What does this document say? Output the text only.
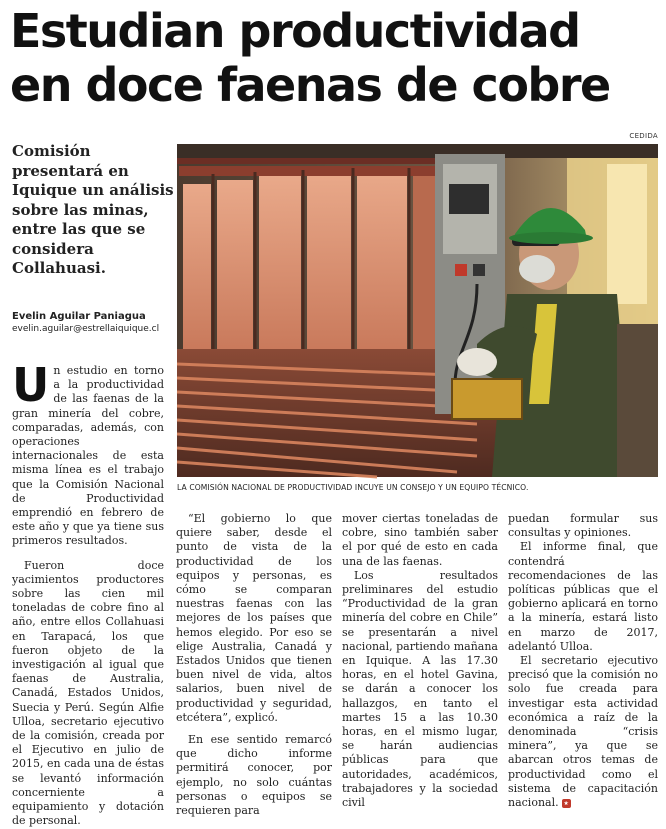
Estudian productividad
en doce faenas de cobre
CEDIDA
Comisión presentará en Iquique un análisis sobre las minas, entre las que se considera Collahuasi.
Evelin Aguilar Paniagua
evelin.aguilar@estrellaiquique.cl
LA COMISIÓN NACIONAL DE PRODUCTIVIDAD INCUYE UN CONSEJO Y UN EQUIPO TÉCNICO.

Un estudio en torno a la productividad de las faenas de la gran minería del cobre, comparadas, además, con operaciones internacionales de esta misma línea es el trabajo que la Comisión Nacional de Productividad emprendió en febrero de este año y que ya tiene sus primeros resultados.

Fueron doce yacimientos productores sobre las cien mil toneladas de cobre fino al año, entre ellos Collahuasi en Tarapacá, los que fueron objeto de la investigación al igual que faenas de Australia, Canadá, Estados Unidos, Suecia y Perú. Según Alfie Ulloa, secretario ejecutivo de la comisión, creada por el Ejecutivo en julio de 2015, en cada una de éstas se levantó información concerniente a equipamiento y dotación de personal.

“El gobierno lo que quiere saber, desde el punto de vista de la productividad de los equipos y personas, es cómo se comparan nuestras faenas con las mejores de los países que hemos elegido. Por eso se elige Australia, Canadá y Estados Unidos que tienen buen nivel de vida, altos salarios, buen nivel de productividad y seguridad, etcétera”, explicó.

En ese sentido remarcó que dicho informe permitirá conocer, por ejemplo, no solo cuántas personas o equipos se requieren para

mover ciertas toneladas de cobre, sino también saber el por qué de esto en cada una de las faenas.

Los resultados preliminares del estudio “Productividad de la gran minería del cobre en Chile” se presentarán a nivel nacional, partiendo mañana en Iquique. A las 17.30 horas, en el hotel Gavina, se darán a conocer los hallazgos, en tanto el martes 15 a las 10.30 horas, en el mismo lugar, se harán audiencias públicas para que autoridades, académicos, trabajadores y la sociedad civil

puedan formular sus consultas y opiniones.

El informe final, que contendrá recomendaciones de las políticas públicas que el gobierno aplicará en torno a la minería, estará listo en marzo de 2017, adelantó Ulloa.

El secretario ejecutivo precisó que la comisión no solo fue creada para investigar esta actividad económica a raíz de la denominada “crisis minera”, ya que se abarcan otros temas de productividad como el sistema de capacitación nacional.
